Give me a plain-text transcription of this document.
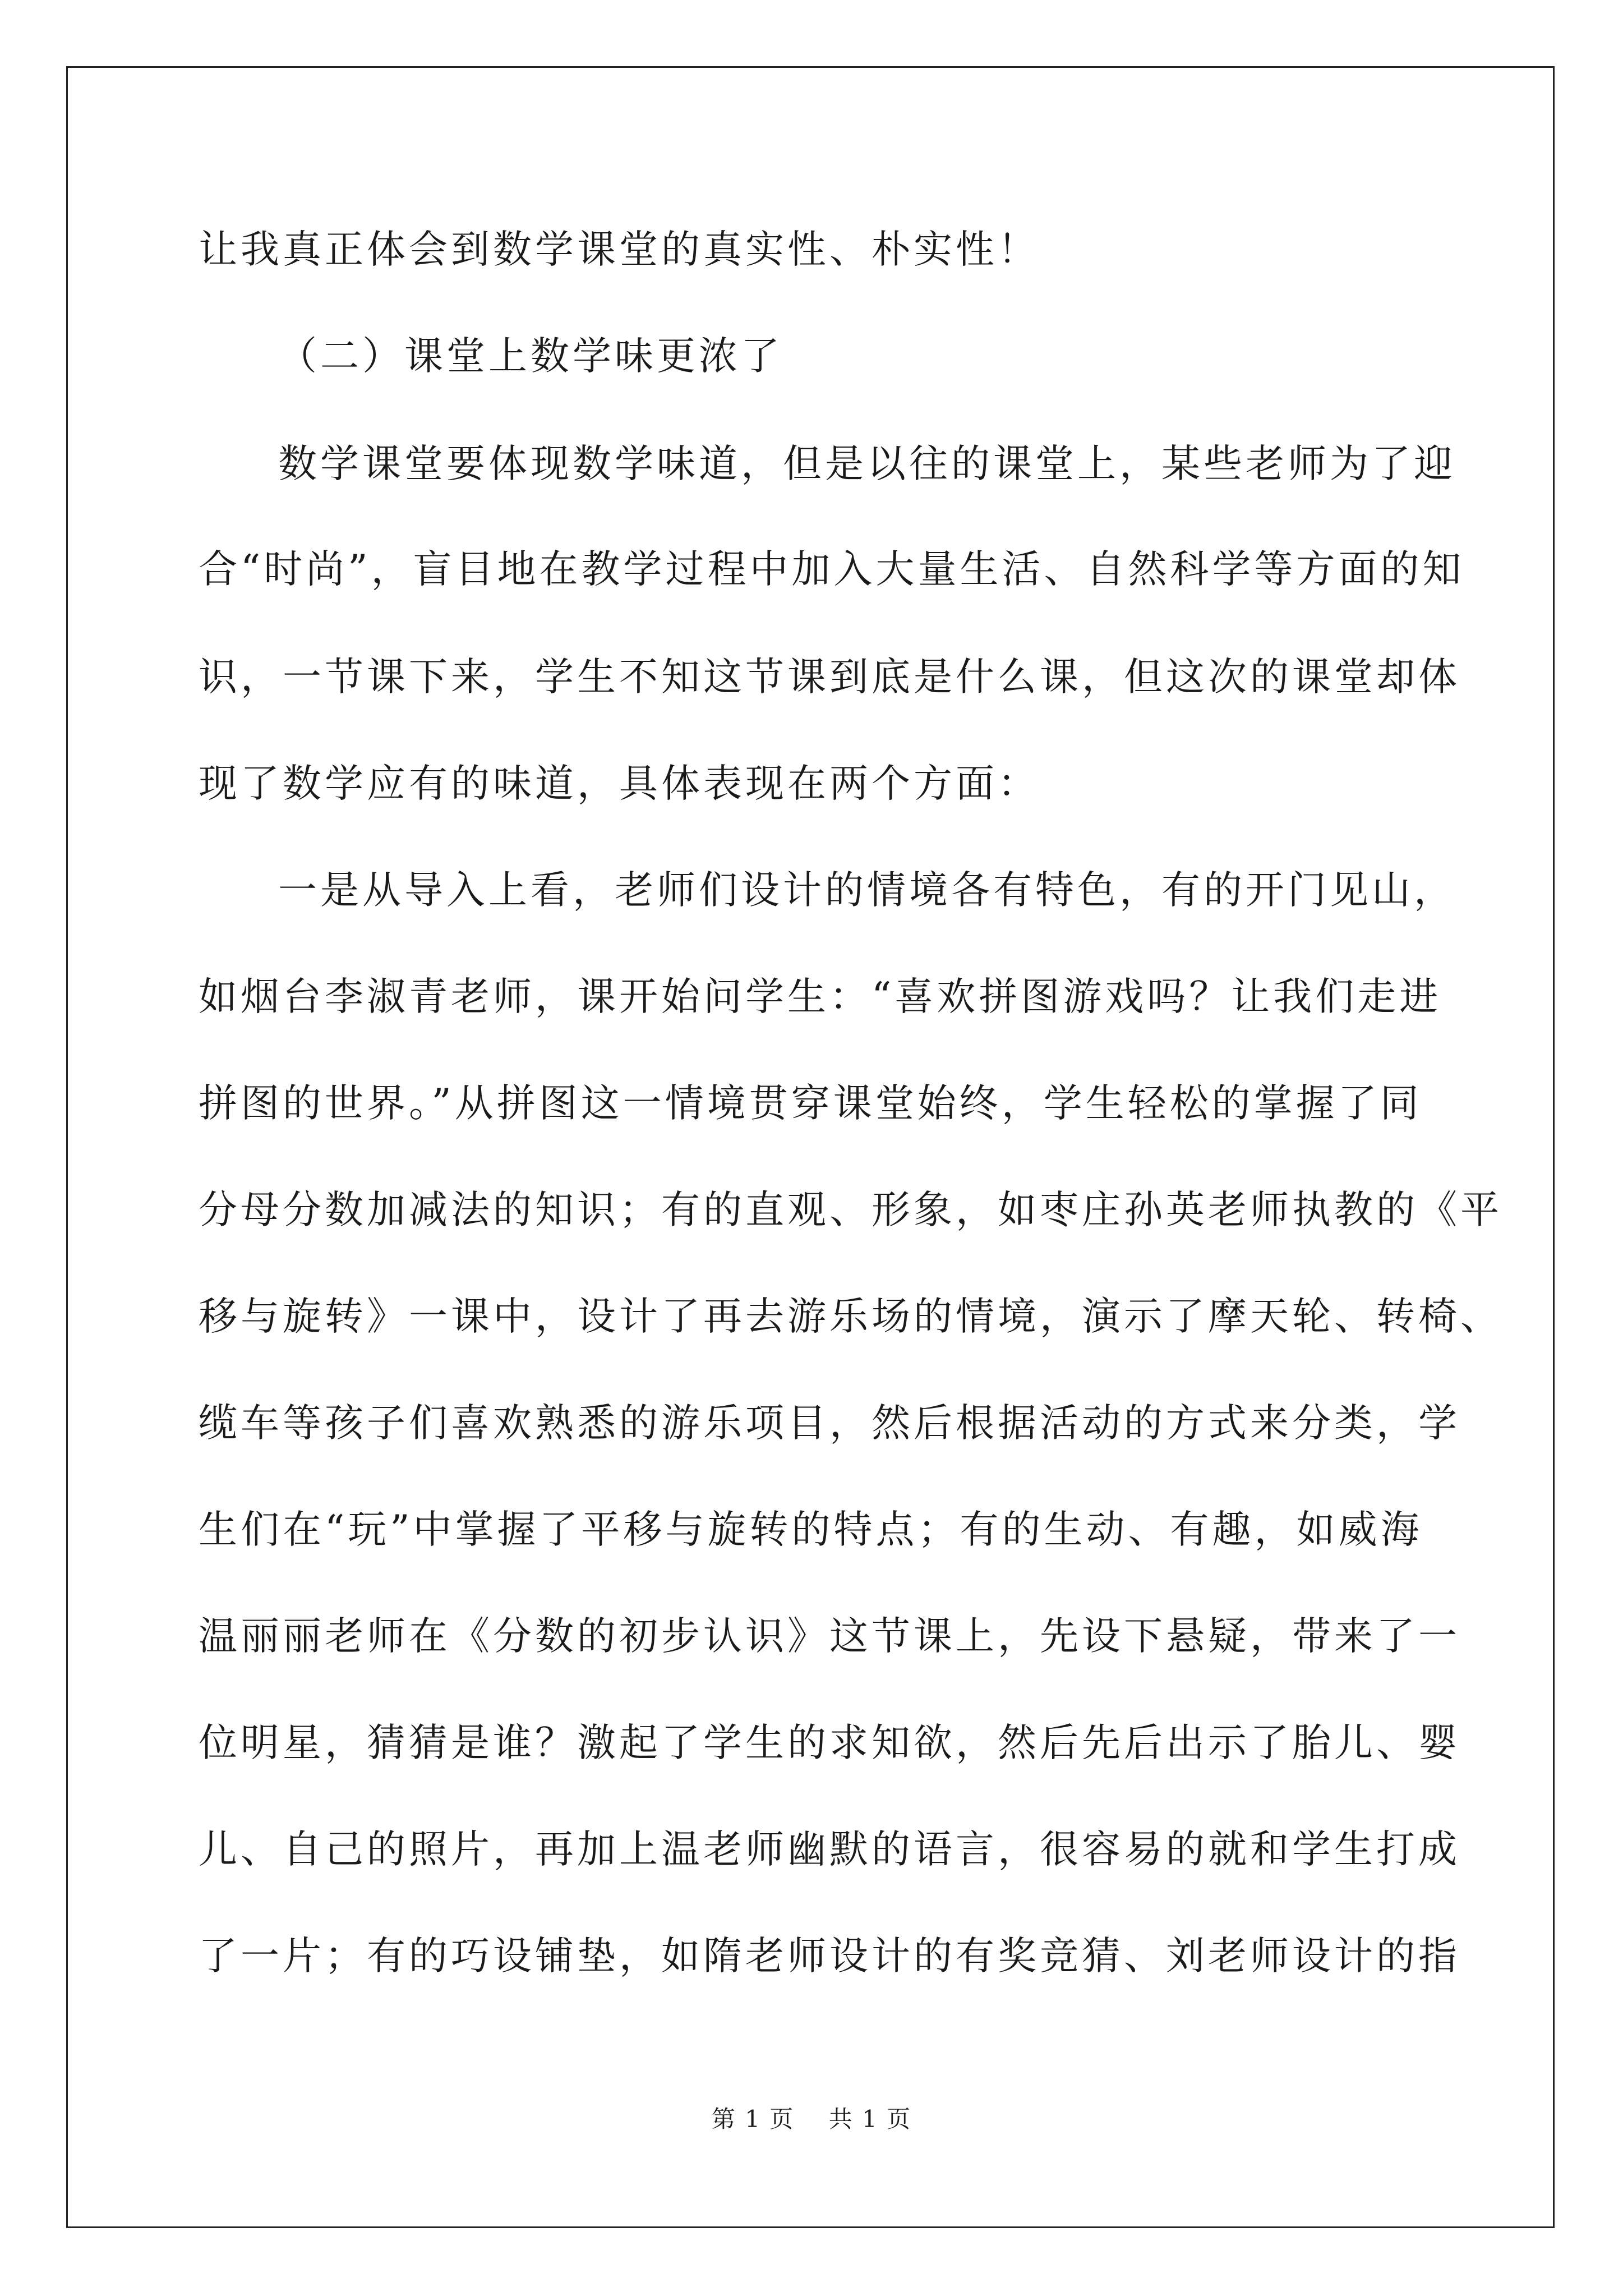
让我真正体会到数学课堂的真实性、朴实性！
（二）课堂上数学味更浓了
数学课堂要体现数学味道，但是以往的课堂上，某些老师为了迎
合“时尚”，盲目地在教学过程中加入大量生活、自然科学等方面的知
识，一节课下来，学生不知这节课到底是什么课，但这次的课堂却体
现了数学应有的味道，具体表现在两个方面：
一是从导入上看，老师们设计的情境各有特色，有的开门见山，
如烟台李淑青老师，课开始问学生：“喜欢拼图游戏吗？让我们走进
拼图的世界。”从拼图这一情境贯穿课堂始终，学生轻松的掌握了同
分母分数加减法的知识；有的直观、形象，如枣庄孙英老师执教的《平
移与旋转》一课中，设计了再去游乐场的情境，演示了摩天轮、转椅、
缆车等孩子们喜欢熟悉的游乐项目，然后根据活动的方式来分类，学
生们在“玩”中掌握了平移与旋转的特点；有的生动、有趣，如威海
温丽丽老师在《分数的初步认识》这节课上，先设下悬疑，带来了一
位明星，猜猜是谁？激起了学生的求知欲，然后先后出示了胎儿、婴
儿、自己的照片，再加上温老师幽默的语言，很容易的就和学生打成
了一片；有的巧设铺垫，如隋老师设计的有奖竞猜、刘老师设计的指
第 1 页    共 1 页
